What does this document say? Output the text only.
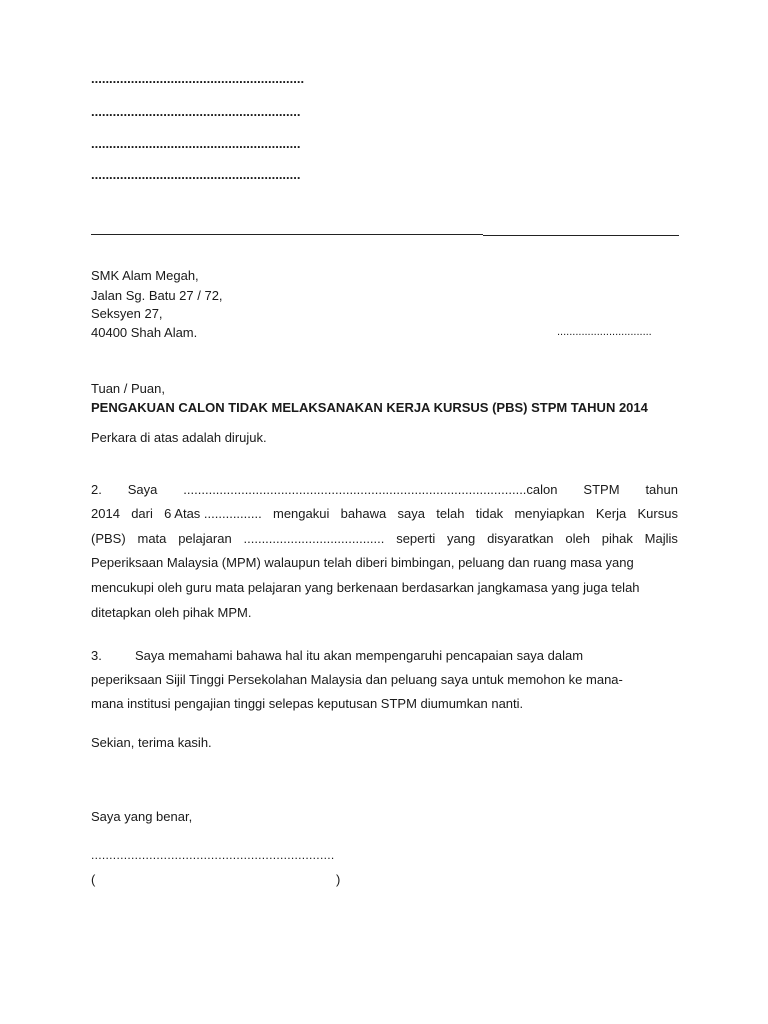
...........................................................
..........................................................
..........................................................
..........................................................
SMK Alam Megah,
Jalan Sg. Batu 27 / 72,
Seksyen 27,
40400 Shah Alam.	...............................
Tuan / Puan,
PENGAKUAN CALON TIDAK MELAKSANAKAN KERJA KURSUS (PBS) STPM TAHUN 2014
Perkara di atas adalah dirujuk.
2. Saya ...............................................................................................calon STPM tahun
2014 dari 6 Atas ................ mengakui bahawa saya telah tidak menyiapkan Kerja Kursus
(PBS) mata pelajaran ....................................... seperti yang disyaratkan oleh pihak Majlis
Peperiksaan Malaysia (MPM) walaupun telah diberi bimbingan, peluang dan ruang masa yang
mencukupi oleh guru mata pelajaran yang berkenaan berdasarkan jangkamasa yang juga telah
ditetapkan oleh pihak MPM.
3.	Saya memahami bahawa hal itu akan mempengaruhi pencapaian saya dalam
peperiksaan Sijil Tinggi Persekolahan Malaysia dan peluang saya untuk memohon ke mana-
mana institusi pengajian tinggi selepas keputusan STPM diumumkan nanti.
Sekian, terima kasih.
Saya yang benar,
...................................................................
(	)
